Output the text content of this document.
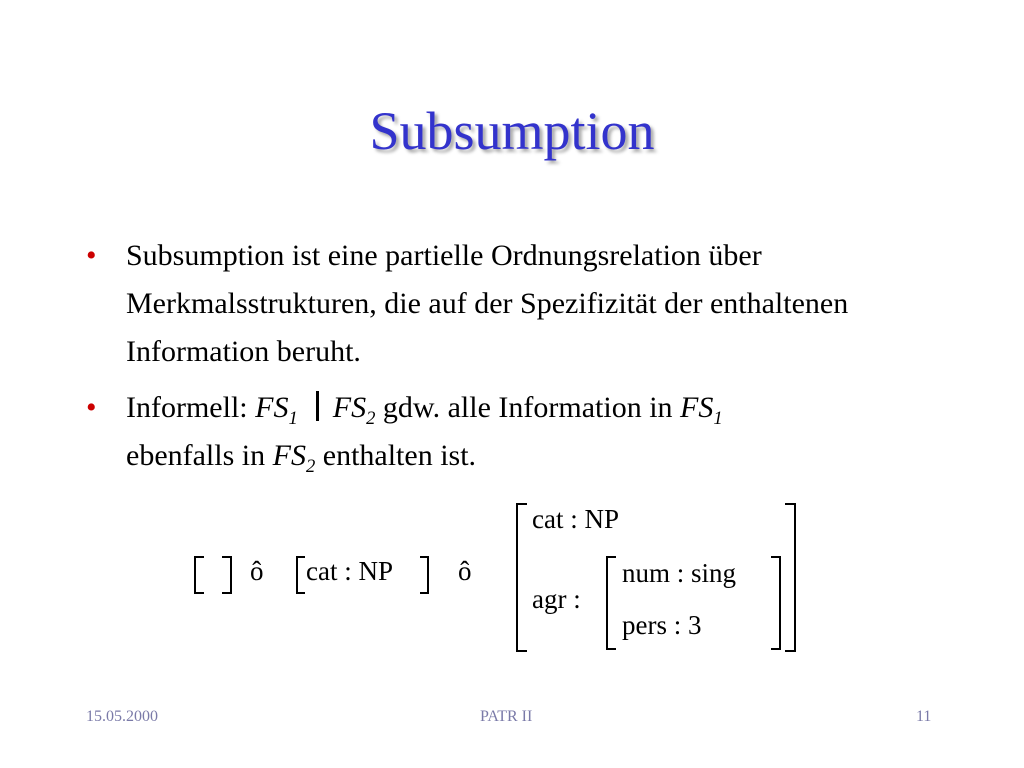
Subsumption
• Subsumption ist eine partielle Ordnungsrelation über Merkmalsstrukturen, die auf der Spezifizität der enthaltenen Information beruht.
• Informell: $FS_1$ $FS_2$ gdw. alle Information in $FS_1$
ebenfalls in $FS_2$ enthalten ist.
ô cat : NP ô
cat : NP
agr :
num : sing
pers : 3
15.05.2000	PATR II	11
